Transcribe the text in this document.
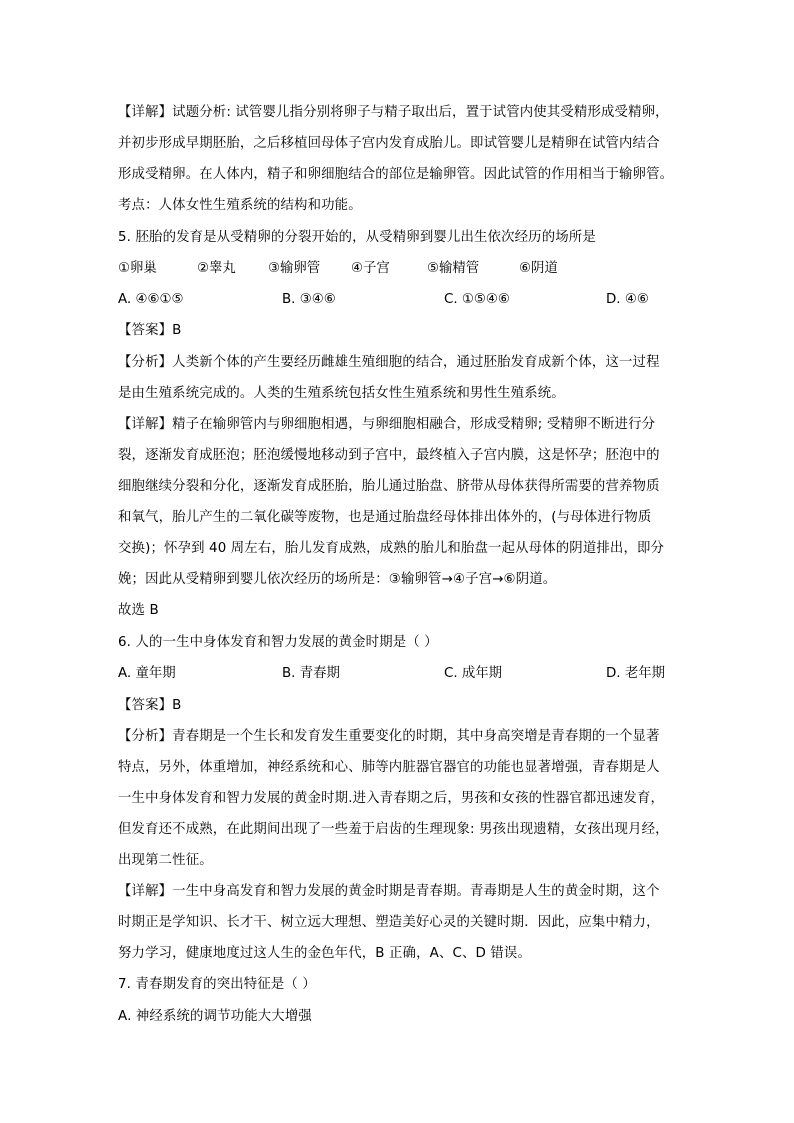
【详解】试题分析: 试管婴儿指分别将卵子与精子取出后，置于试管内使其受精形成受精卵，
并初步形成早期胚胎，之后移植回母体子宫内发育成胎儿。即试管婴儿是精卵在试管内结合
形成受精卵。在人体内，精子和卵细胞结合的部位是输卵管。因此试管的作用相当于输卵管。
考点：人体女性生殖系统的结构和功能。
5. 胚胎的发育是从受精卵的分裂开始的，从受精卵到婴儿出生依次经历的场所是
①卵巢	②睾丸 ③输卵管 ④子宫	⑤输精管	⑥阴道
A. ④⑥①⑤	B. ③④⑥	C. ①⑤④⑥	D. ④⑥
【答案】B
【分析】人类新个体的产生要经历雌雄生殖细胞的结合，通过胚胎发育成新个体，这一过程
是由生殖系统完成的。人类的生殖系统包括女性生殖系统和男性生殖系统。
【详解】精子在输卵管内与卵细胞相遇，与卵细胞相融合，形成受精卵; 受精卵不断进行分
裂，逐渐发育成胚泡；胚泡缓慢地移动到子宫中，最终植入子宫内膜，这是怀孕；胚泡中的
细胞继续分裂和分化，逐渐发育成胚胎，胎儿通过胎盘、脐带从母体获得所需要的营养物质
和氧气，胎儿产生的二氧化碳等废物，也是通过胎盘经母体排出体外的，(与母体进行物质
交换)；怀孕到 40 周左右，胎儿发育成熟，成熟的胎儿和胎盘一起从母体的阴道排出，即分
娩；因此从受精卵到婴儿依次经历的场所是：③输卵管→④子宫→⑥阴道。
故选 B
6. 人的一生中身体发育和智力发展的黄金时期是（ ）
A. 童年期	B. 青春期	C. 成年期	D. 老年期
【答案】B
【分析】青春期是一个生长和发育发生重要变化的时期，其中身高突增是青春期的一个显著
特点，另外，体重增加，神经系统和心、肺等内脏器官器官的功能也显著增强，青春期是人
一生中身体发育和智力发展的黄金时期.进入青春期之后，男孩和女孩的性器官都迅速发育，
但发育还不成熟，在此期间出现了一些羞于启齿的生理现象: 男孩出现遗精，女孩出现月经，
出现第二性征。
【详解】一生中身高发育和智力发展的黄金时期是青春期。青毒期是人生的黄金时期，这个
时期正是学知识、长才干、树立远大理想、塑造美好心灵的关键时期．因此，应集中精力，
努力学习，健康地度过这人生的金色年代，B 正确，A、C、D 错误。
7. 青春期发育的突出特征是（ ）
A. 神经系统的调节功能大大增强
